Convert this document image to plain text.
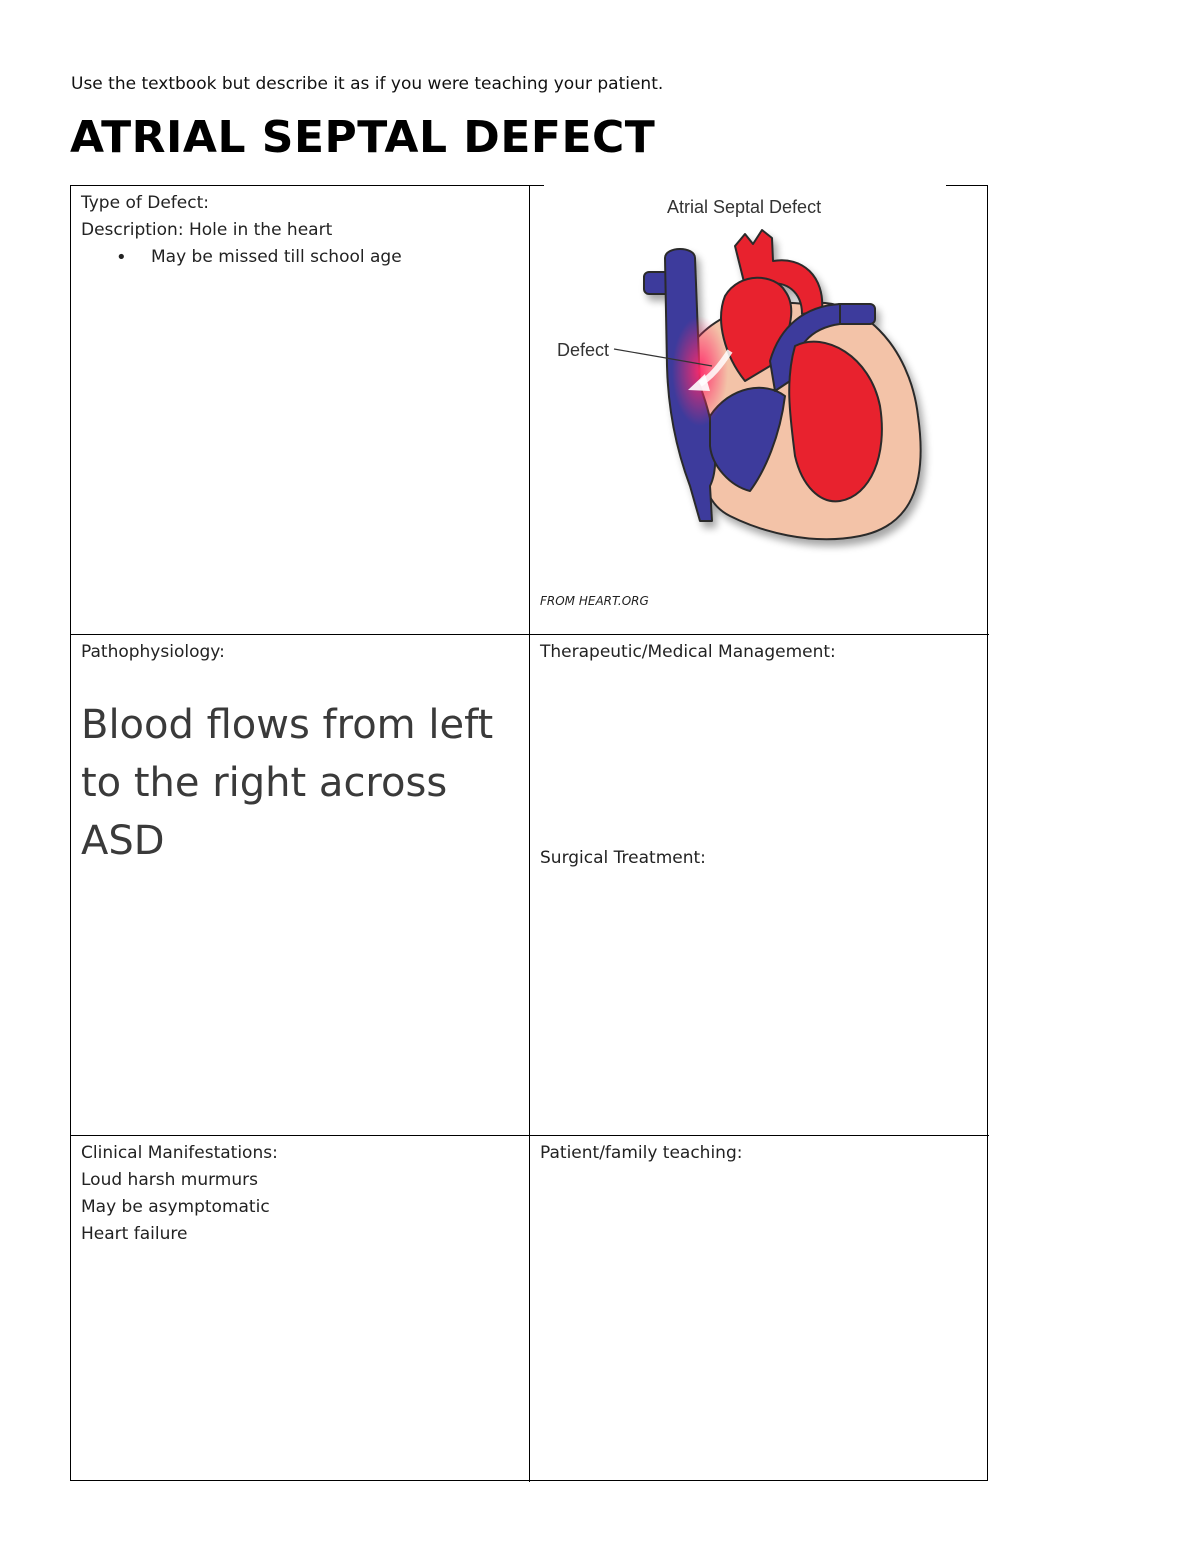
Use the textbook but describe it as if you were teaching your patient.
ATRIAL SEPTAL DEFECT
Type of Defect:
Description: Hole in the heart
• May be missed till school age
Atrial Septal Defect
Defect
FROM HEART.ORG
Pathophysiology:
Blood flows from left to the right across ASD
Therapeutic/Medical Management:
Surgical Treatment:
Clinical Manifestations:
Loud harsh murmurs
May be asymptomatic
Heart failure
Patient/family teaching:
